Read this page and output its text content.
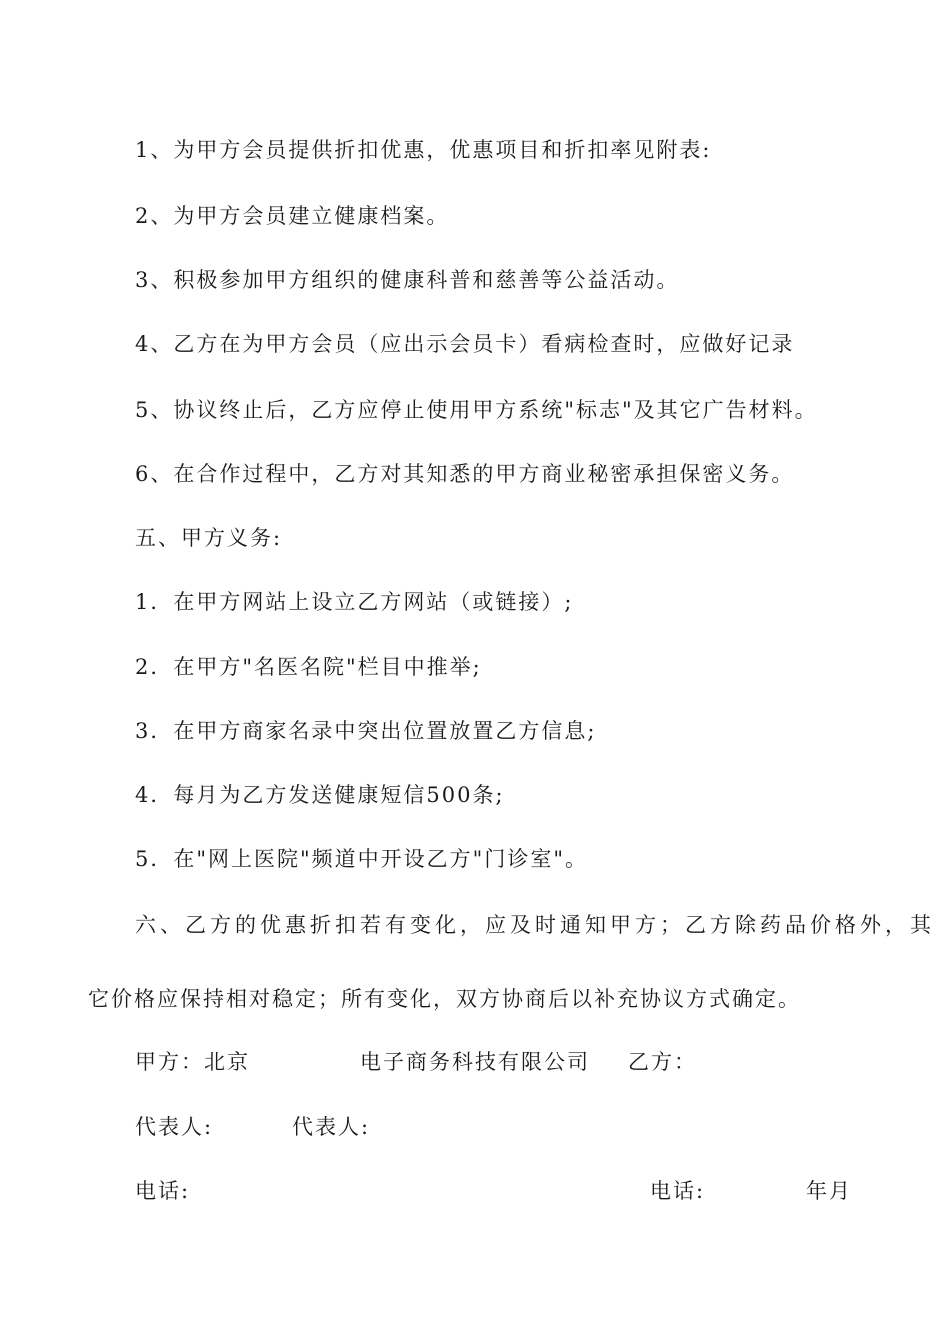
1、为甲方会员提供折扣优惠，优惠项目和折扣率见附表:
2、为甲方会员建立健康档案。
3、积极参加甲方组织的健康科普和慈善等公益活动。
4、乙方在为甲方会员（应出示会员卡）看病检查时，应做好记录
5、协议终止后，乙方应停止使用甲方系统"标志"及其它广告材料。
6、在合作过程中，乙方对其知悉的甲方商业秘密承担保密义务。
五、甲方义务:
1．在甲方网站上设立乙方网站（或链接）;
2．在甲方"名医名院"栏目中推举;
3．在甲方商家名录中突出位置放置乙方信息;
4．每月为乙方发送健康短信500条;
5．在"网上医院"频道中开设乙方"门诊室"。
六、乙方的优惠折扣若有变化，应及时通知甲方；乙方除药品价格外，其
它价格应保持相对稳定；所有变化，双方协商后以补充协议方式确定。
甲方：北京	电子商务科技有限公司 乙方：
代表人:	代表人:
电话:	电话:	年月
